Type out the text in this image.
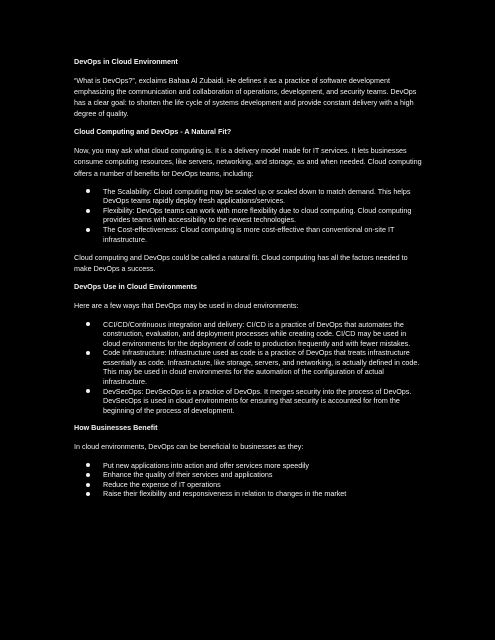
DevOps in Cloud Environment

“What is DevOps?”, exclaims Bahaa Al Zubaidi. He defines it as a practice of software development emphasizing the communication and collaboration of operations, development, and security teams. DevOps has a clear goal: to shorten the life cycle of systems development and provide constant delivery with a high degree of quality.

Cloud Computing and DevOps - A Natural Fit?

Now, you may ask what cloud computing is. It is a delivery model made for IT services. It lets businesses consume computing resources, like servers, networking, and storage, as and when needed. Cloud computing offers a number of benefits for DevOps teams, including:

The Scalability: Cloud computing may be scaled up or scaled down to match demand. This helps DevOps teams rapidly deploy fresh applications/services.
Flexibility: DevOps teams can work with more flexibility due to cloud computing. Cloud computing provides teams with accessibility to the newest technologies.
The Cost-effectiveness: Cloud computing is more cost-effective than conventional on-site IT infrastructure.

Cloud computing and DevOps could be called a natural fit. Cloud computing has all the factors needed to make DevOps a success.

DevOps Use in Cloud Environments

Here are a few ways that DevOps may be used in cloud environments:

CCI/CD/Continuous integration and delivery: CI/CD is a practice of DevOps that automates the construction, evaluation, and deployment processes while creating code. CI/CD may be used in cloud environments for the deployment of code to production frequently and with fewer mistakes.
Code Infrastructure: Infrastructure used as code is a practice of DevOps that treats infrastructure essentially as code. Infrastructure, like storage, servers, and networking, is actually defined in code. This may be used in cloud environments for the automation of the configuration of actual infrastructure.
DevSecOps: DevSecOps is a practice of DevOps. It merges security into the process of DevOps. DevSecOps is used in cloud environments for ensuring that security is accounted for from the beginning of the process of development.
How Businesses Benefit

In cloud environments, DevOps can be beneficial to businesses as they:

Put new applications into action and offer services more speedily
Enhance the quality of their services and applications
Reduce the expense of IT operations
Raise their flexibility and responsiveness in relation to changes in the market
